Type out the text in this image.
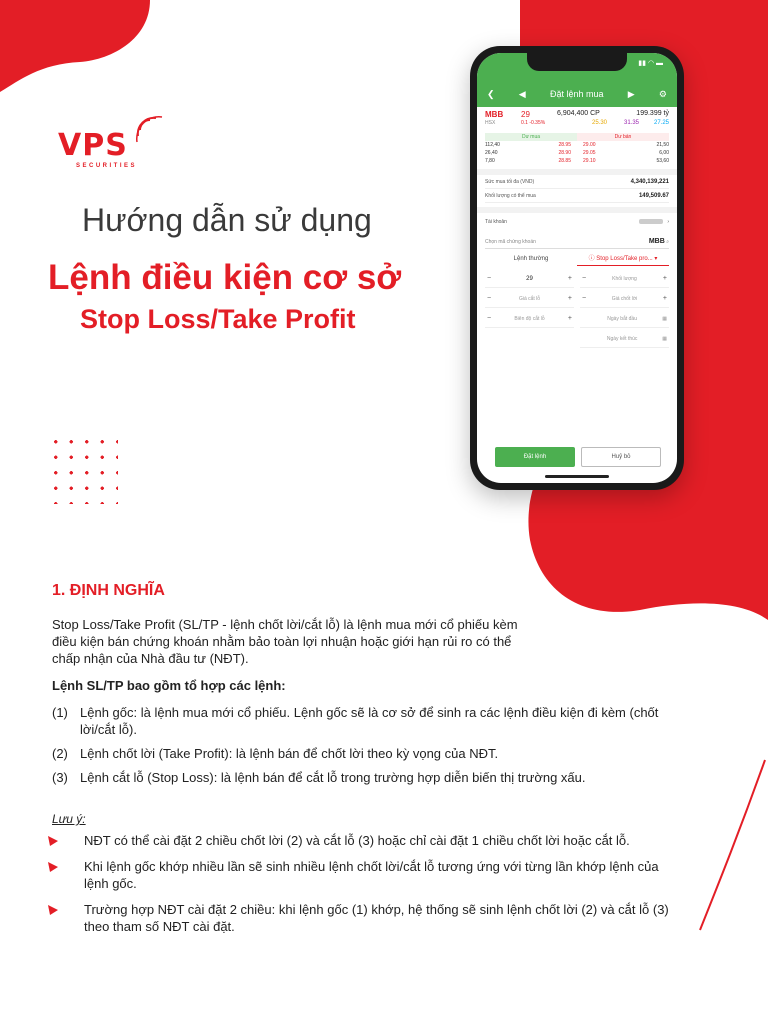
VPS
SECURITIES
Hướng dẫn sử dụng
Lệnh điều kiện cơ sở
Stop Loss/Take Profit
▮▮ ◠ ▬
❮	◀	Đặt lệnh mua	▶	⚙
MBB
HSX
29
0.1 -0.35%
6,904,400 CP	199.399 tỷ
25.30	31.35 27.25
Dư mua	Dư bán
112,40	28.95	29.00	21,50
26,40	28.90	29.05	6,00
7,80	28.85	29.10	53,60
Sức mua tối đa (VND)	4,340,139,221
Khối lượng có thể mua	149,509.67
Tài khoản	›
Chọn mã chứng khoán	MBB ⌕
Lệnh thường	ⓘ Stop Loss/Take pro... ▾
−	29	+ −	Khối lượng	+
−	Giá cắt lỗ	+ −	Giá chốt lời	+
−	Biên độ cắt lỗ	+	Ngày bắt đầu	▦
Ngày kết thúc	▦
Đặt lệnh	Huỷ bỏ
1. ĐỊNH NGHĨA
Stop Loss/Take Profit (SL/TP - lệnh chốt lời/cắt lỗ) là lệnh mua mới cổ phiếu kèm điều kiện bán chứng khoán nhằm bảo toàn lợi nhuận hoặc giới hạn rủi ro có thể chấp nhận của Nhà đầu tư (NĐT).
Lệnh SL/TP bao gồm tổ hợp các lệnh:
(1) Lệnh gốc: là lệnh mua mới cổ phiếu. Lệnh gốc sẽ là cơ sở để sinh ra các lệnh điều kiện đi kèm (chốt lời/cắt lỗ).
(2) Lệnh chốt lời (Take Profit): là lệnh bán để chốt lời theo kỳ vọng của NĐT.
(3) Lệnh cắt lỗ (Stop Loss): là lệnh bán để cắt lỗ trong trường hợp diễn biến thị trường xấu.
Lưu ý:
NĐT có thể cài đặt 2 chiều chốt lời (2) và cắt lỗ (3) hoặc chỉ cài đặt 1 chiều chốt lời hoặc cắt lỗ.
Khi lệnh gốc khớp nhiều lần sẽ sinh nhiều lệnh chốt lời/cắt lỗ tương ứng với từng lần khớp lệnh của lệnh gốc.
Trường hợp NĐT cài đặt 2 chiều: khi lệnh gốc (1) khớp, hệ thống sẽ sinh lệnh chốt lời (2) và cắt lỗ (3) theo tham số NĐT cài đặt.
